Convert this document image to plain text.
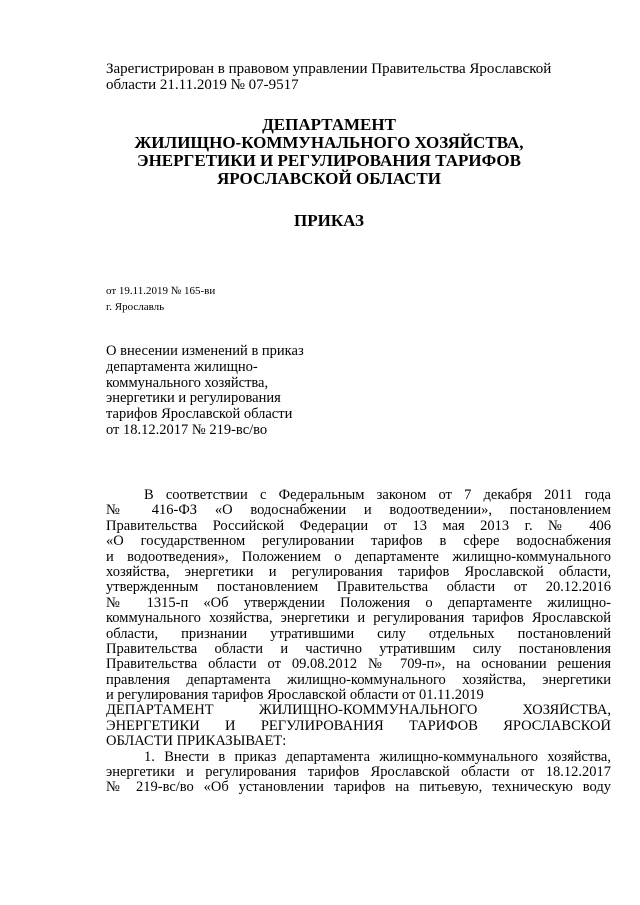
Зарегистрирован в правовом управлении Правительства Ярославской
области 21.11.2019 № 07-9517
ДЕПАРТАМЕНТ
ЖИЛИЩНО-КОММУНАЛЬНОГО ХОЗЯЙСТВА,
ЭНЕРГЕТИКИ И РЕГУЛИРОВАНИЯ ТАРИФОВ
ЯРОСЛАВСКОЙ ОБЛАСТИ
ПРИКАЗ
от 19.11.2019 № 165-ви
г. Ярославль
О внесении изменений в приказ
департамента жилищно-
коммунального хозяйства,
энергетики и регулирования
тарифов Ярославской области
от 18.12.2017 № 219-вс/во
В соответствии с Федеральным законом от 7 декабря 2011 года
№ 416-ФЗ «О водоснабжении и водоотведении», постановлением
Правительства Российской Федерации от 13 мая 2013 г. № 406
«О государственном регулировании тарифов в сфере водоснабжения
и водоотведения», Положением о департаменте жилищно-коммунального
хозяйства, энергетики и регулирования тарифов Ярославской области,
утвержденным постановлением Правительства области от 20.12.2016
№ 1315-п «Об утверждении Положения о департаменте жилищно-
коммунального хозяйства, энергетики и регулирования тарифов Ярославской
области, признании утратившими силу отдельных постановлений
Правительства области и частично утратившим силу постановления
Правительства области от 09.08.2012 № 709-п», на основании решения
правления департамента жилищно-коммунального хозяйства, энергетики
и регулирования тарифов Ярославской области от 01.11.2019
ДЕПАРТАМЕНТ ЖИЛИЩНО-КОММУНАЛЬНОГО ХОЗЯЙСТВА,
ЭНЕРГЕТИКИ И РЕГУЛИРОВАНИЯ ТАРИФОВ ЯРОСЛАВСКОЙ
ОБЛАСТИ ПРИКАЗЫВАЕТ:
1. Внести в приказ департамента жилищно-коммунального хозяйства,
энергетики и регулирования тарифов Ярославской области от 18.12.2017
№ 219-вс/во «Об установлении тарифов на питьевую, техническую воду
